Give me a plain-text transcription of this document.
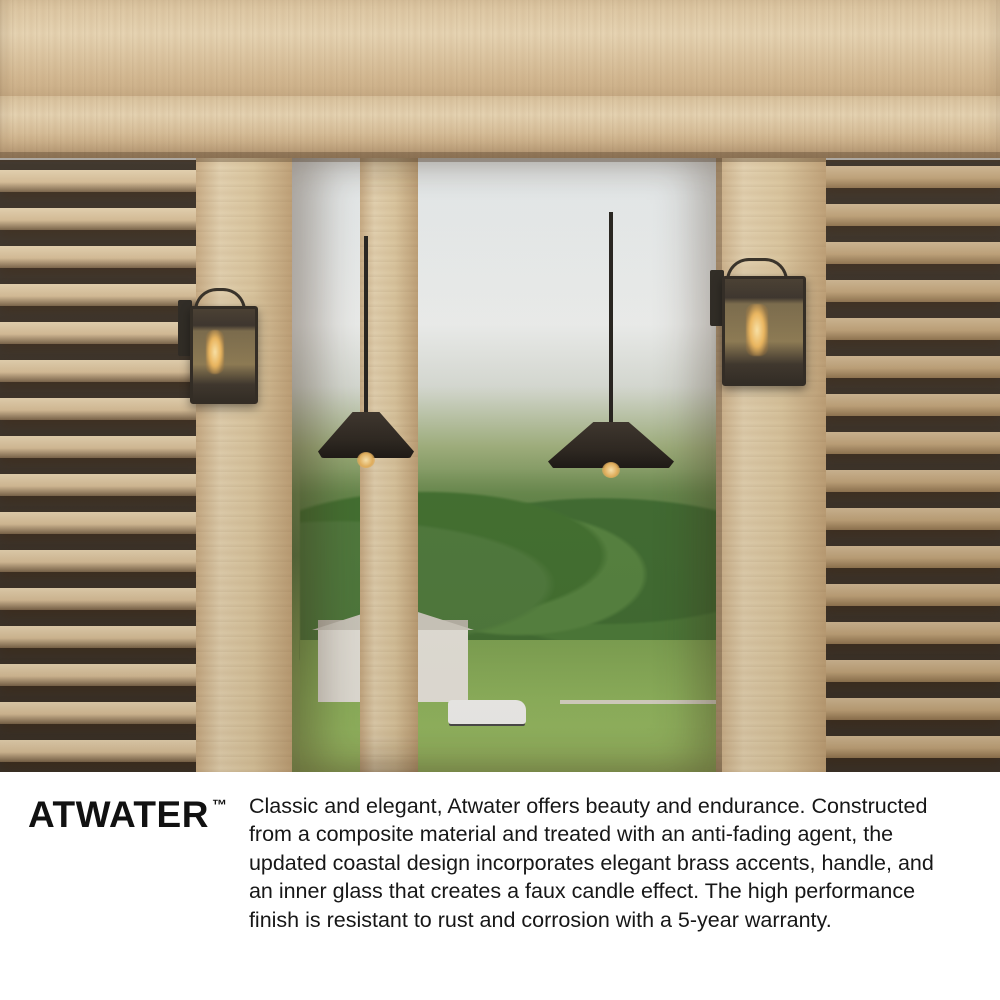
ATWATER ™	Classic and elegant, Atwater offers beauty and endurance. Constructed from a composite material and treated with an anti-fading agent, the updated coastal design incorporates elegant brass accents, handle, and an inner glass that creates a faux candle effect. The high performance finish is resistant to rust and corrosion with a 5-year warranty.
